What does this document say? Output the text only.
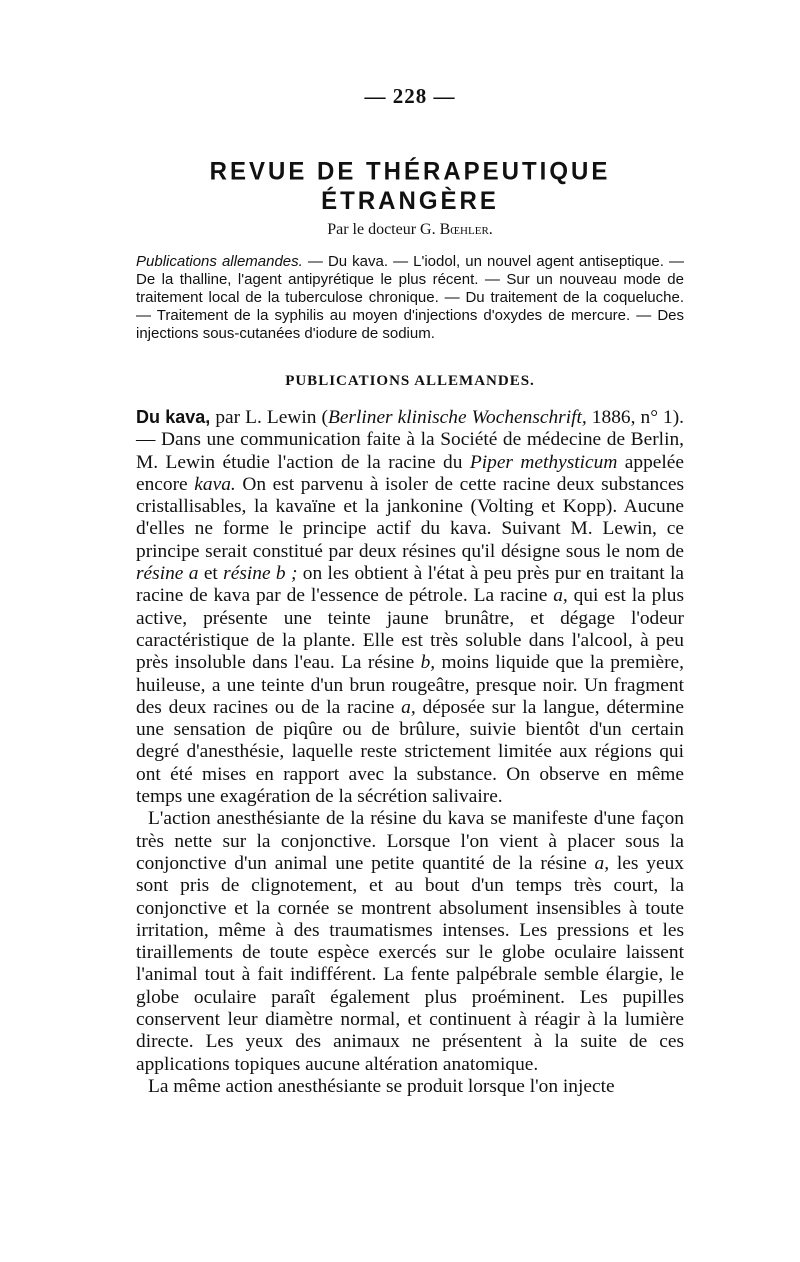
— 228 —
REVUE DE THÉRAPEUTIQUE ÉTRANGÈRE
Par le docteur G. Bœhler.
Publications allemandes. — Du kava. — L'iodol, un nouvel agent antiseptique. — De la thalline, l'agent antipyrétique le plus récent. — Sur un nouveau mode de traitement local de la tuberculose chronique. — Du traitement de la coqueluche. — Traitement de la syphilis au moyen d'injections d'oxydes de mercure. — Des injections sous-cutanées d'iodure de sodium.
PUBLICATIONS ALLEMANDES.

Du kava, par L. Lewin (Berliner klinische Wochenschrift, 1886, n° 1). — Dans une communication faite à la Société de médecine de Berlin, M. Lewin étudie l'action de la racine du Piper methysticum appelée encore kava. On est parvenu à isoler de cette racine deux substances cristallisables, la kavaïne et la jankonine (Volting et Kopp). Aucune d'elles ne forme le principe actif du kava. Suivant M. Lewin, ce principe serait constitué par deux résines qu'il désigne sous le nom de résine a et résine b ; on les obtient à l'état à peu près pur en traitant la racine de kava par de l'essence de pétrole. La racine a, qui est la plus active, présente une teinte jaune brunâtre, et dégage l'odeur caractéristique de la plante. Elle est très soluble dans l'alcool, à peu près insoluble dans l'eau. La résine b, moins liquide que la première, huileuse, a une teinte d'un brun rougeâtre, presque noir. Un fragment des deux racines ou de la racine a, déposée sur la langue, détermine une sensation de piqûre ou de brûlure, suivie bientôt d'un certain degré d'anesthésie, laquelle reste strictement limitée aux régions qui ont été mises en rapport avec la substance. On observe en même temps une exagération de la sécrétion salivaire.

L'action anesthésiante de la résine du kava se manifeste d'une façon très nette sur la conjonctive. Lorsque l'on vient à placer sous la conjonctive d'un animal une petite quantité de la résine a, les yeux sont pris de clignotement, et au bout d'un temps très court, la conjonctive et la cornée se montrent absolument insensibles à toute irritation, même à des traumatismes intenses. Les pressions et les tiraillements de toute espèce exercés sur le globe oculaire laissent l'animal tout à fait indifférent. La fente palpébrale semble élargie, le globe oculaire paraît également plus proéminent. Les pupilles conservent leur diamètre normal, et continuent à réagir à la lumière directe. Les yeux des animaux ne présentent à la suite de ces applications topiques aucune altération anatomique.

La même action anesthésiante se produit lorsque l'on injecte
